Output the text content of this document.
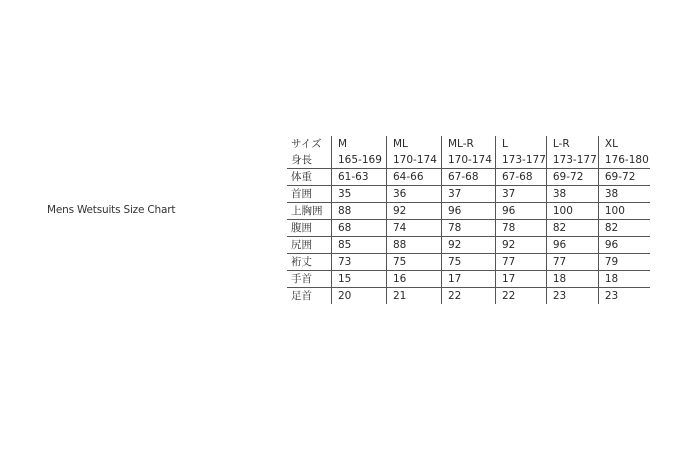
Mens Wetsuits Size Chart
サイズ	M	ML	ML-R	L	L-R	XL
身長	165-169	170-174	170-174	173-177	173-177	176-180
体重	61-63	64-66	67-68	67-68	69-72	69-72
首囲	35	36	37	37	38	38
上胸囲	88	92	96	96	100	100
腹囲	68	74	78	78	82	82
尻囲	85	88	92	92	96	96
裄丈	73	75	75	77	77	79
手首	15	16	17	17	18	18
足首	20	21	22	22	23	23
